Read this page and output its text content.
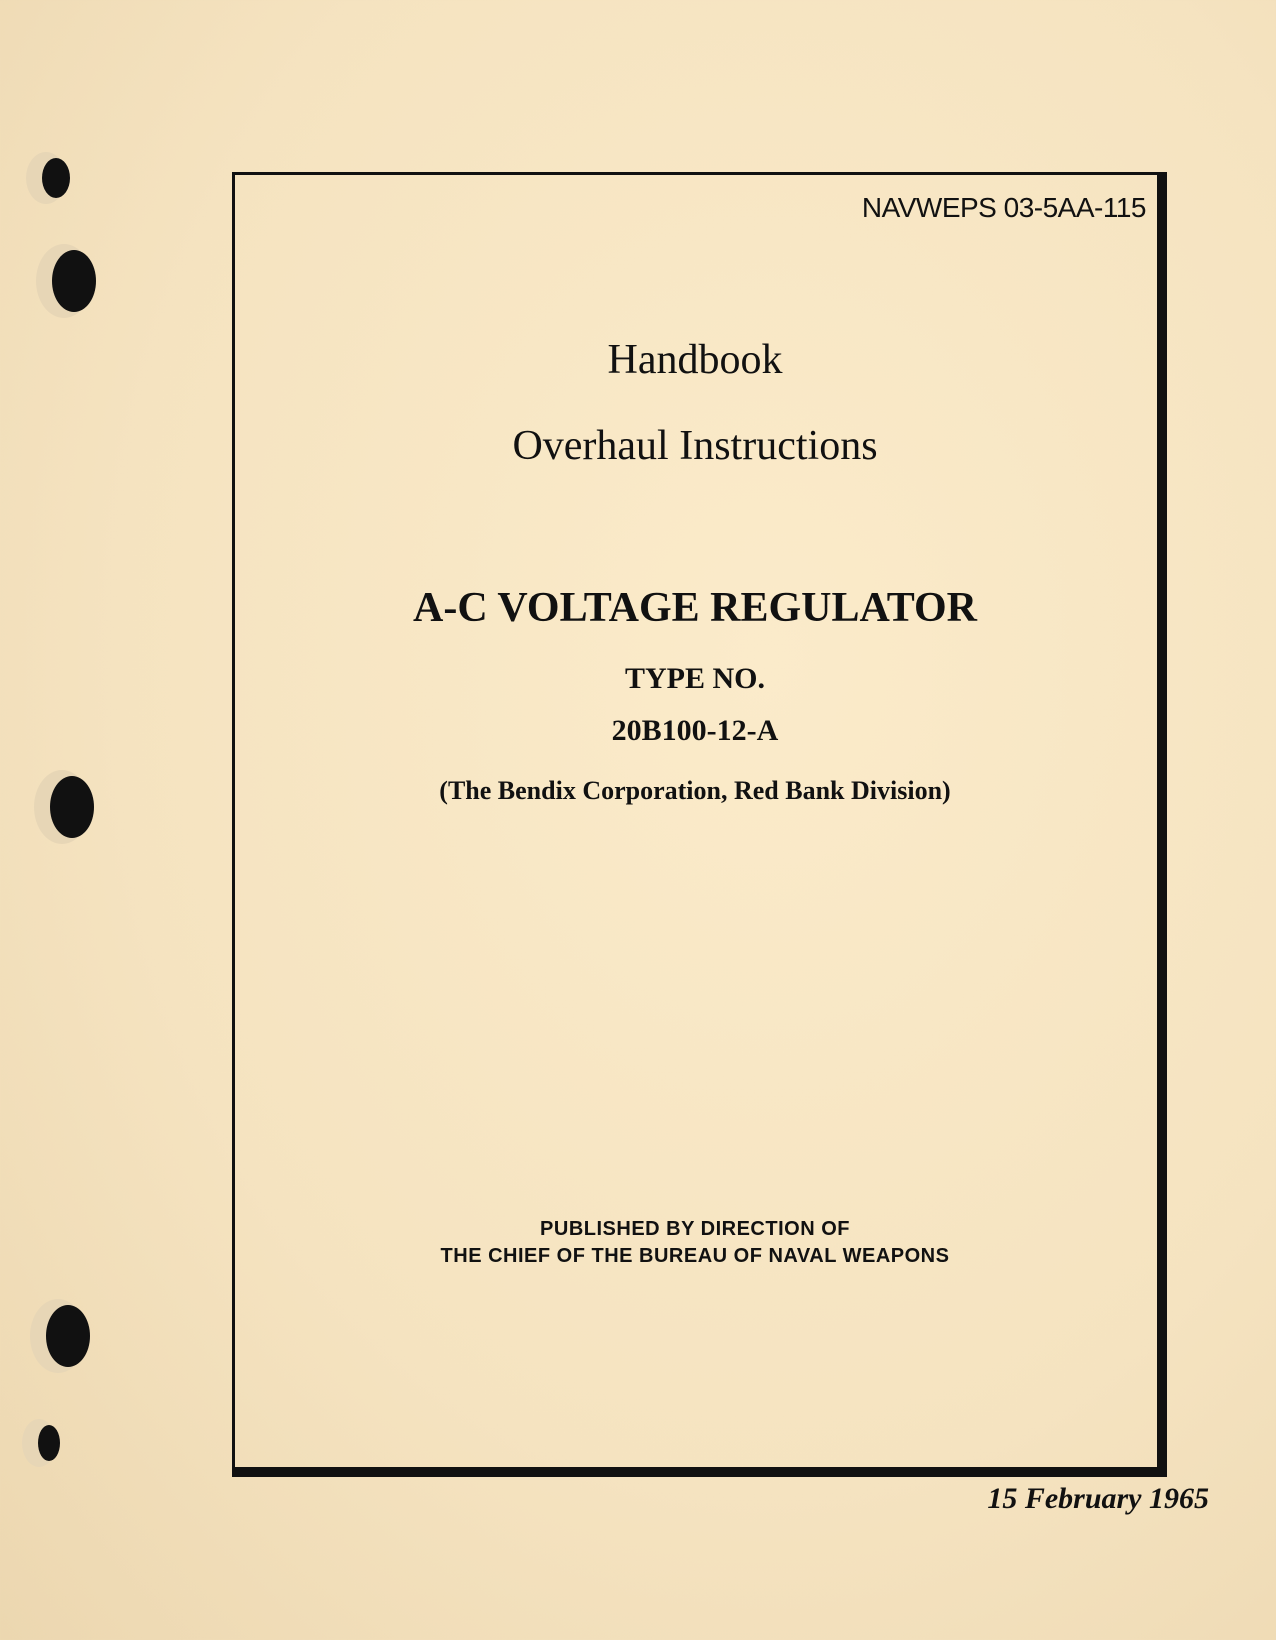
NAVWEPS 03-5AA-115
Handbook
Overhaul Instructions
A-C VOLTAGE REGULATOR
TYPE NO.
20B100-12-A
(The Bendix Corporation, Red Bank Division)
PUBLISHED BY DIRECTION OF
THE CHIEF OF THE BUREAU OF NAVAL WEAPONS
15 February 1965
